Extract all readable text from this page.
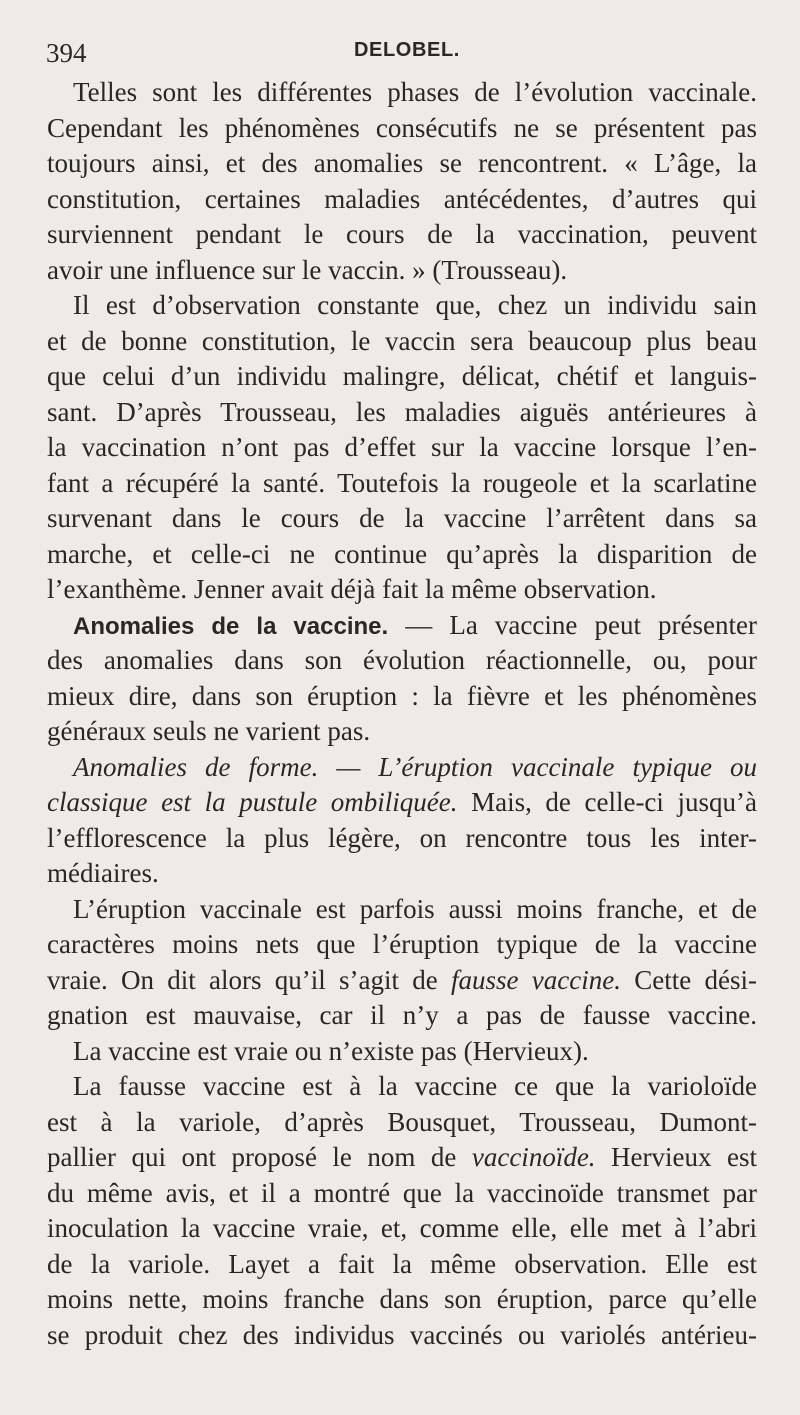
394	DELOBEL.
Telles sont les différentes phases de l’évolution vaccinale.
Cependant les phénomènes consécutifs ne se présentent pas
toujours ainsi, et des anomalies se rencontrent. « L’âge, la
constitution, certaines maladies antécédentes, d’autres qui
surviennent pendant le cours de la vaccination, peuvent
avoir une influence sur le vaccin. » (Trousseau).
Il est d’observation constante que, chez un individu sain
et de bonne constitution, le vaccin sera beaucoup plus beau
que celui d’un individu malingre, délicat, chétif et languis-
sant. D’après Trousseau, les maladies aiguës antérieures à
la vaccination n’ont pas d’effet sur la vaccine lorsque l’en-
fant a récupéré la santé. Toutefois la rougeole et la scarlatine
survenant dans le cours de la vaccine l’arrêtent dans sa
marche, et celle-ci ne continue qu’après la disparition de
l’exanthème. Jenner avait déjà fait la même observation.
Anomalies de la vaccine. — La vaccine peut présenter
des anomalies dans son évolution réactionnelle, ou, pour
mieux dire, dans son éruption : la fièvre et les phénomènes
généraux seuls ne varient pas.
Anomalies de forme. — L’éruption vaccinale typique ou
classique est la pustule ombiliquée. Mais, de celle-ci jusqu’à
l’efflorescence la plus légère, on rencontre tous les inter-
médiaires.
L’éruption vaccinale est parfois aussi moins franche, et de
caractères moins nets que l’éruption typique de la vaccine
vraie. On dit alors qu’il s’agit de fausse vaccine. Cette dési-
gnation est mauvaise, car il n’y a pas de fausse vaccine.
La vaccine est vraie ou n’existe pas (Hervieux).
La fausse vaccine est à la vaccine ce que la varioloïde
est à la variole, d’après Bousquet, Trousseau, Dumont-
pallier qui ont proposé le nom de vaccinoïde. Hervieux est
du même avis, et il a montré que la vaccinoïde transmet par
inoculation la vaccine vraie, et, comme elle, elle met à l’abri
de la variole. Layet a fait la même observation. Elle est
moins nette, moins franche dans son éruption, parce qu’elle
se produit chez des individus vaccinés ou variolés antérieu-
